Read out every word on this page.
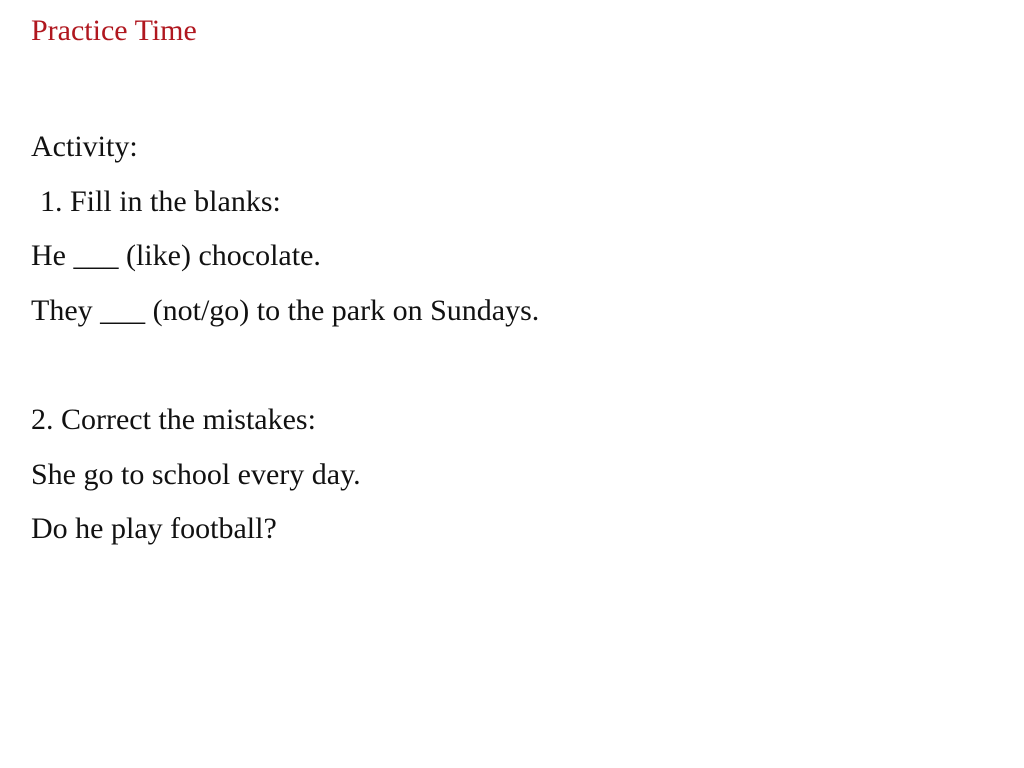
Practice Time
Activity:
1. Fill in the blanks:
He ___ (like) chocolate.
They ___ (not/go) to the park on Sundays.
2. Correct the mistakes:
She go to school every day.
Do he play football?
